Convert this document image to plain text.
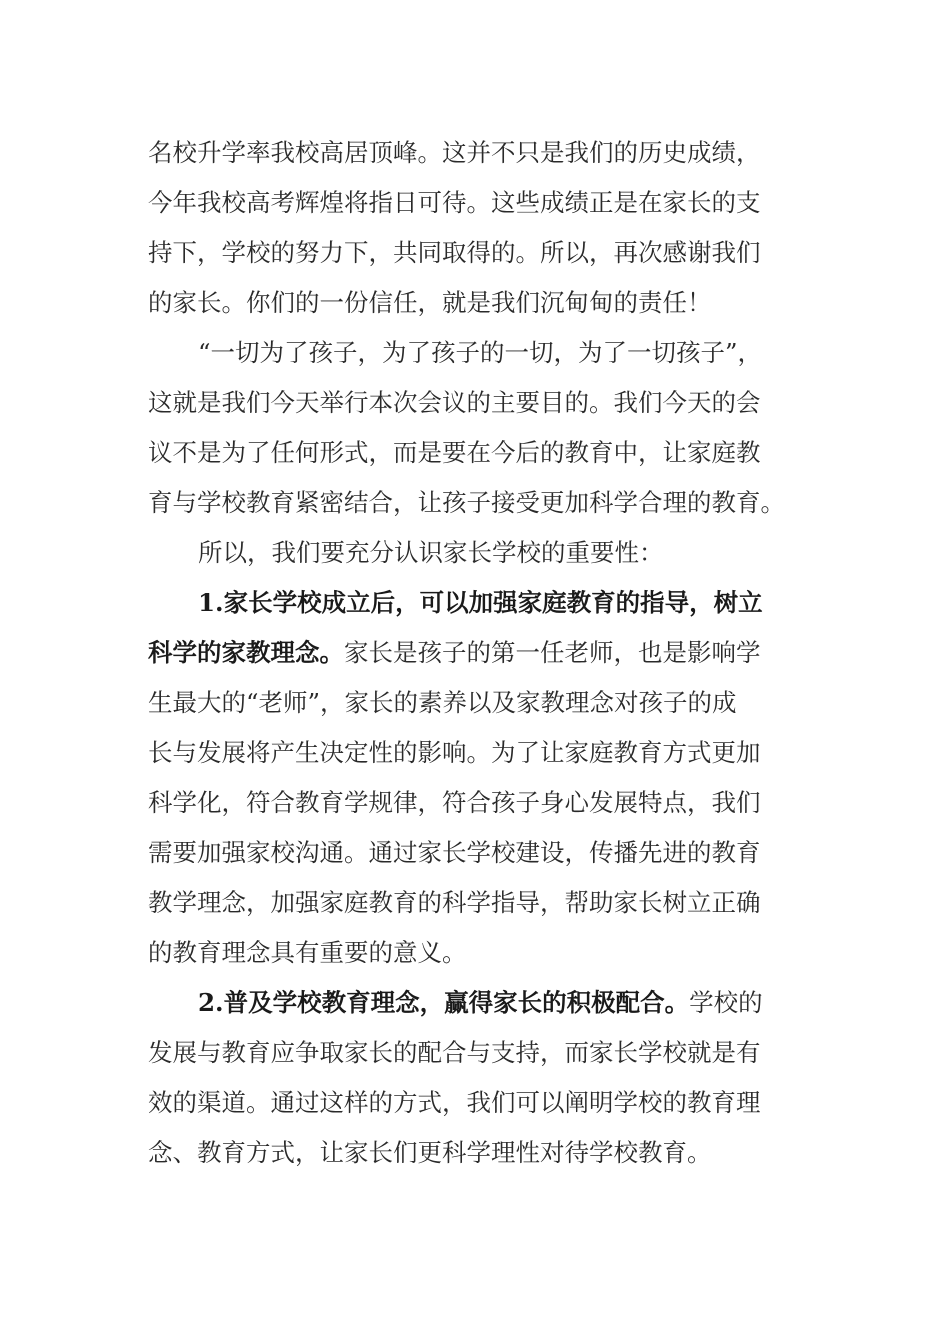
名校升学率我校高居顶峰。这并不只是我们的历史成绩，
今年我校高考辉煌将指日可待。这些成绩正是在家长的支
持下，学校的努力下，共同取得的。所以，再次感谢我们
的家长。你们的一份信任，就是我们沉甸甸的责任！
“一切为了孩子，为了孩子的一切，为了一切孩子”，
这就是我们今天举行本次会议的主要目的。我们今天的会
议不是为了任何形式，而是要在今后的教育中，让家庭教
育与学校教育紧密结合，让孩子接受更加科学合理的教育。
所以，我们要充分认识家长学校的重要性：
1.家长学校成立后，可以加强家庭教育的指导，树立
科学的家教理念。家长是孩子的第一任老师，也是影响学
生最大的“老师”，家长的素养以及家教理念对孩子的成
长与发展将产生决定性的影响。为了让家庭教育方式更加
科学化，符合教育学规律，符合孩子身心发展特点，我们
需要加强家校沟通。通过家长学校建设，传播先进的教育
教学理念，加强家庭教育的科学指导，帮助家长树立正确
的教育理念具有重要的意义。
2.普及学校教育理念，赢得家长的积极配合。学校的
发展与教育应争取家长的配合与支持，而家长学校就是有
效的渠道。通过这样的方式，我们可以阐明学校的教育理
念、教育方式，让家长们更科学理性对待学校教育。
